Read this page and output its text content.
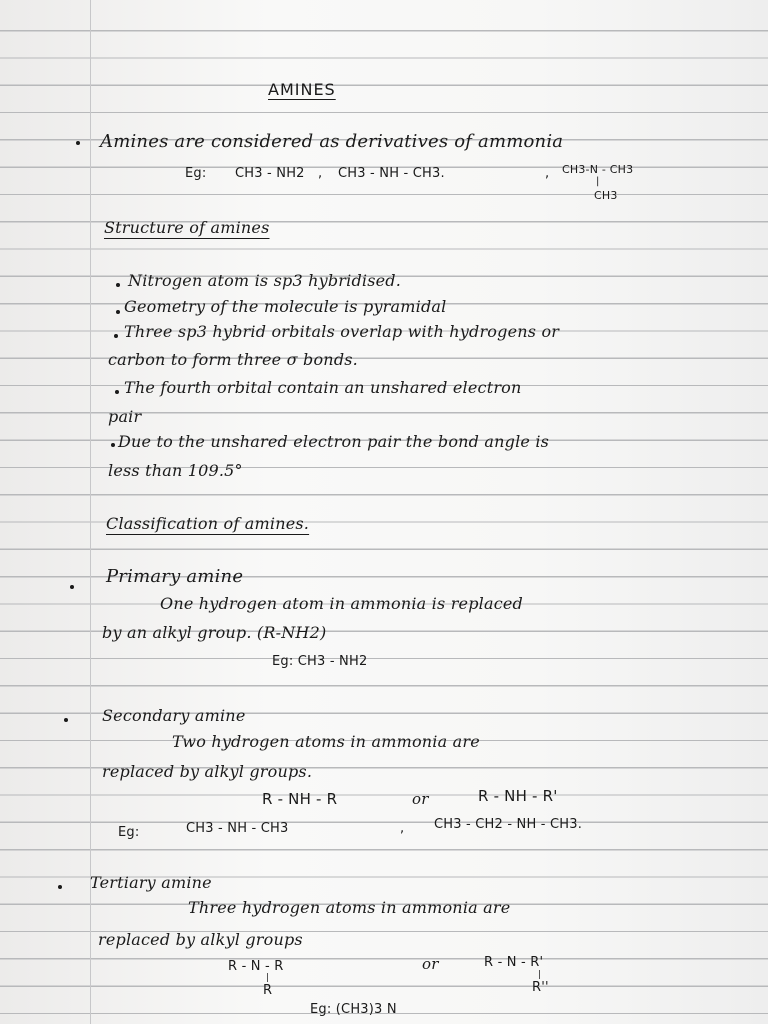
AMINES
Amines are considered as derivatives of ammonia
Eg: CH3 - NH2 , CH3 - NH - CH3.	, CH3-N - CH3
|
CH3
Structure of amines
Nitrogen atom is sp3 hybridised.
Geometry of the molecule is pyramidal
Three sp3 hybrid orbitals overlap with hydrogens or
carbon to form three σ bonds.
The fourth orbital contain an unshared electron
pair
Due to the unshared electron pair the bond angle is
less than 109.5°
Classification of amines.
Primary amine
One hydrogen atom in ammonia is replaced
by an alkyl group. (R-NH2)
Eg: CH3 - NH2
Secondary amine
Two hydrogen atoms in ammonia are
replaced by alkyl groups.
R - NH - R	or	R - NH - R'
Eg:	CH3 - NH - CH3	, CH3 - CH2 - NH - CH3.
Tertiary amine
Three hydrogen atoms in ammonia are
replaced by alkyl groups
R - N - R
|
R
or	R - N - R'
|
R''
Eg: (CH3)3 N
